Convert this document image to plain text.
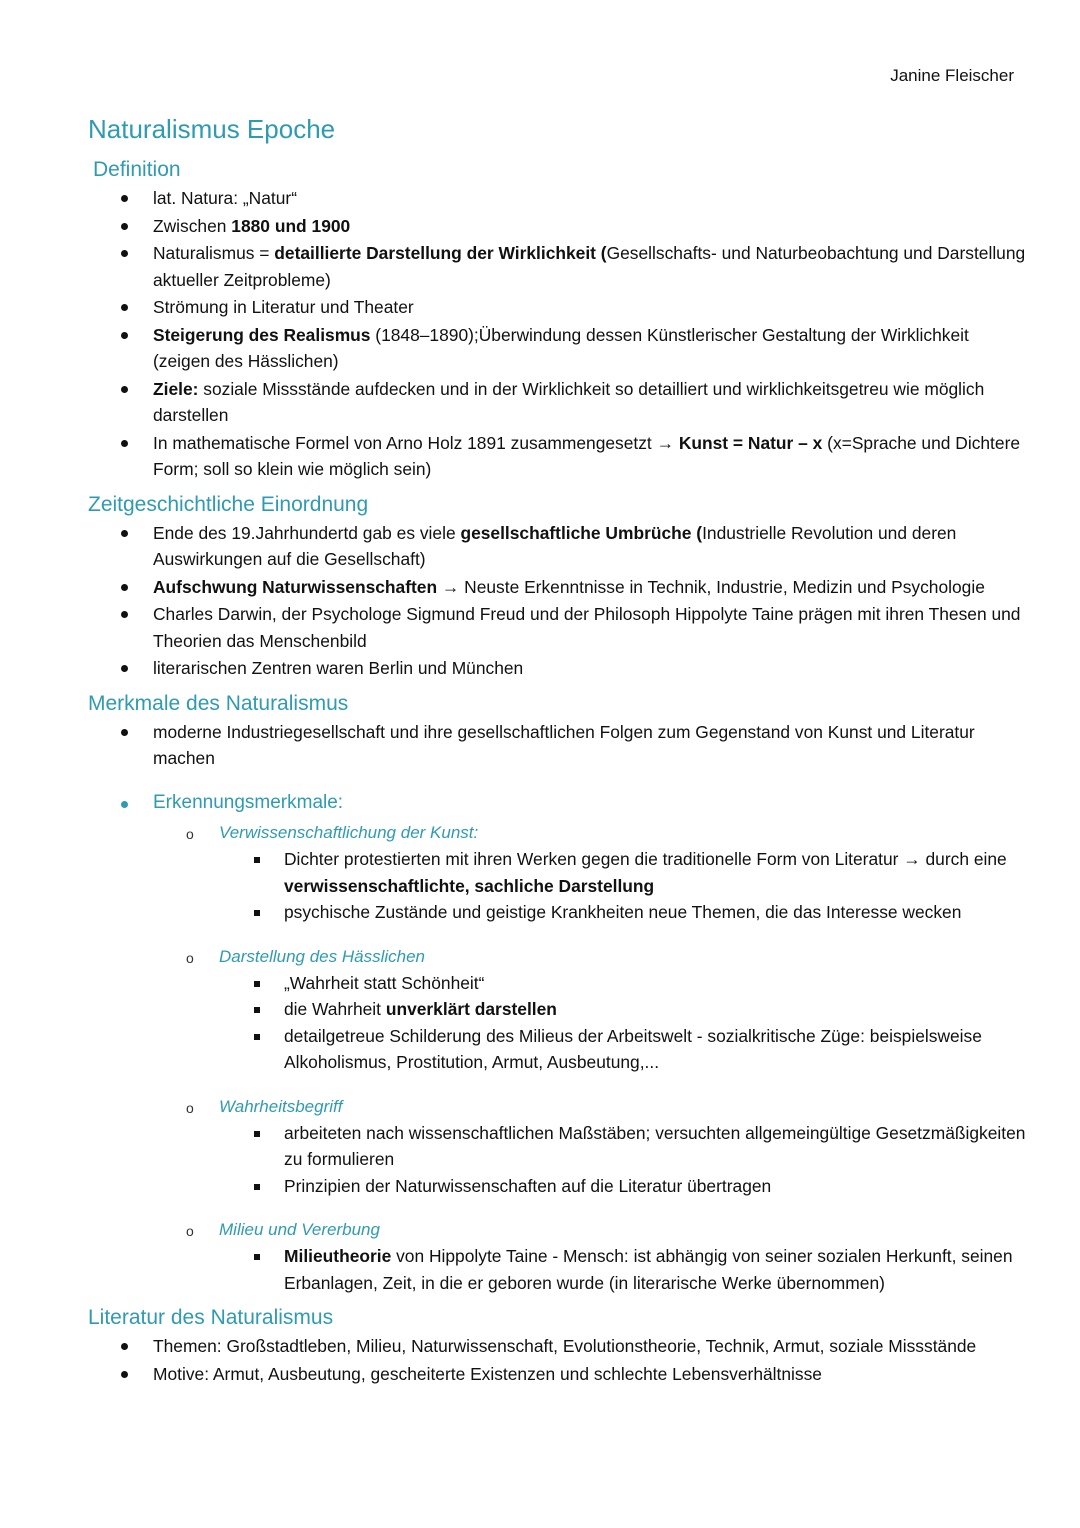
Janine Fleischer
Naturalismus Epoche
Definition
lat. Natura: „Natur“
Zwischen 1880 und 1900
Naturalismus = detaillierte Darstellung der Wirklichkeit (Gesellschafts- und Naturbeobachtung und Darstellung aktueller Zeitprobleme)
Strömung in Literatur und Theater
Steigerung des Realismus (1848–1890);Überwindung dessen Künstlerischer Gestaltung der Wirklichkeit (zeigen des Hässlichen)
Ziele: soziale Missstände aufdecken und in der Wirklichkeit so detailliert und wirklichkeitsgetreu wie möglich darstellen
In mathematische Formel von Arno Holz 1891 zusammengesetzt → Kunst = Natur – x (x=Sprache und Dichtere Form; soll so klein wie möglich sein)
Zeitgeschichtliche Einordnung
Ende des 19.Jahrhundertd gab es viele gesellschaftliche Umbrüche (Industrielle Revolution und deren Auswirkungen auf die Gesellschaft)
Aufschwung Naturwissenschaften → Neuste Erkenntnisse in Technik, Industrie, Medizin und Psychologie
Charles Darwin, der Psychologe Sigmund Freud und der Philosoph Hippolyte Taine prägen mit ihren Thesen und Theorien das Menschenbild
literarischen Zentren waren Berlin und München
Merkmale des Naturalismus
moderne Industriegesellschaft und ihre gesellschaftlichen Folgen zum Gegenstand von Kunst und Literatur machen
Erkennungsmerkmale:
o Verwissenschaftlichung der Kunst:
Dichter protestierten mit ihren Werken gegen die traditionelle Form von Literatur → durch eine verwissenschaftlichte, sachliche Darstellung
psychische Zustände und geistige Krankheiten neue Themen, die das Interesse wecken
o Darstellung des Hässlichen
„Wahrheit statt Schönheit“
die Wahrheit unverklärt darstellen
detailgetreue Schilderung des Milieus der Arbeitswelt - sozialkritische Züge: beispielsweise Alkoholismus, Prostitution, Armut, Ausbeutung,...
o Wahrheitsbegriff
arbeiteten nach wissenschaftlichen Maßstäben; versuchten allgemeingültige Gesetzmäßigkeiten zu formulieren
Prinzipien der Naturwissenschaften auf die Literatur übertragen
o Milieu und Vererbung
Milieutheorie von Hippolyte Taine - Mensch: ist abhängig von seiner sozialen Herkunft, seinen Erbanlagen, Zeit, in die er geboren wurde (in literarische Werke übernommen)
Literatur des Naturalismus
Themen: Großstadtleben, Milieu, Naturwissenschaft, Evolutionstheorie, Technik, Armut, soziale Missstände
Motive: Armut, Ausbeutung, gescheiterte Existenzen und schlechte Lebensverhältnisse
